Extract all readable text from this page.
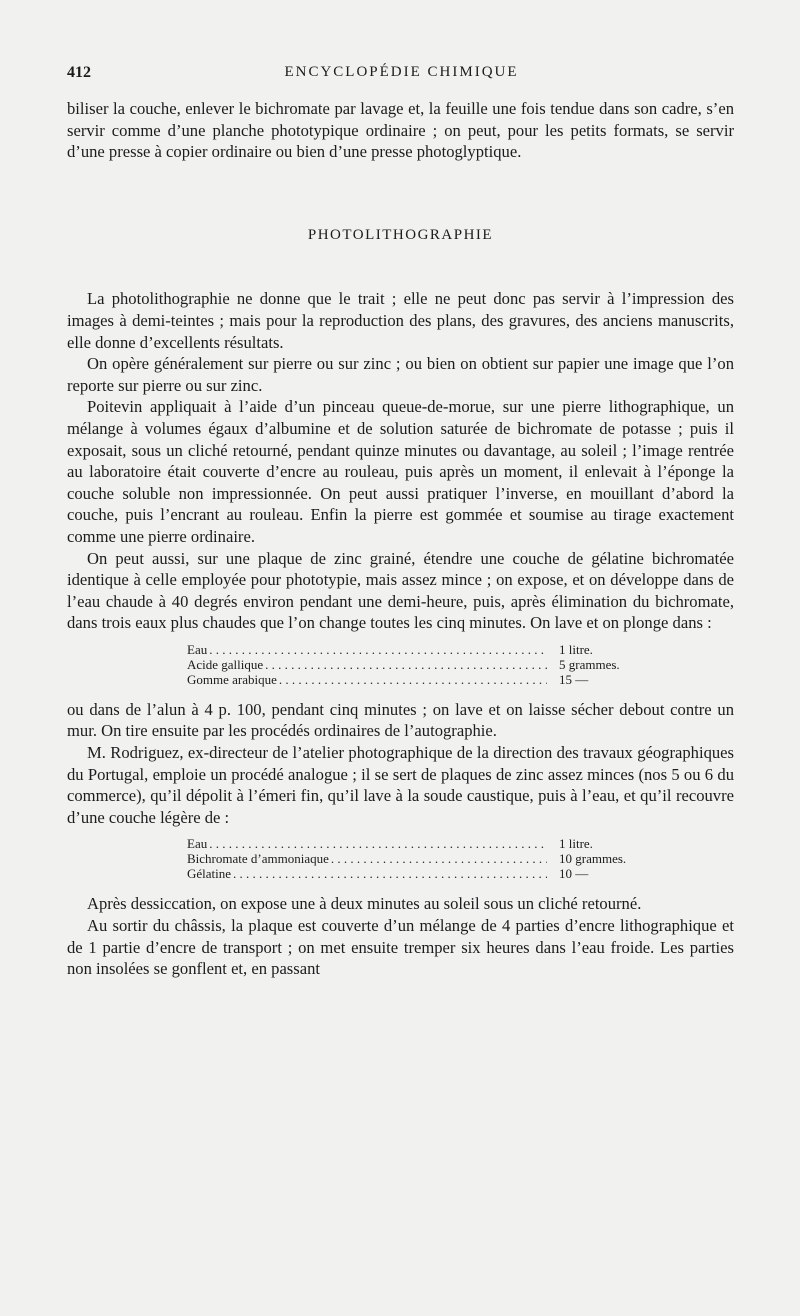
412	ENCYCLOPÉDIE CHIMIQUE

biliser la couche, enlever le bichromate par lavage et, la feuille une fois tendue dans son cadre, s’en servir comme d’une planche phototypique ordinaire ; on peut, pour les petits formats, se servir d’une presse à copier ordinaire ou bien d’une presse photoglyptique.

PHOTOLITHOGRAPHIE

La photolithographie ne donne que le trait ; elle ne peut donc pas servir à l’impression des images à demi-teintes ; mais pour la reproduction des plans, des gravures, des anciens manuscrits, elle donne d’excellents résultats.

On opère généralement sur pierre ou sur zinc ; ou bien on obtient sur papier une image que l’on reporte sur pierre ou sur zinc.

Poitevin appliquait à l’aide d’un pinceau queue-de-morue, sur une pierre lithographique, un mélange à volumes égaux d’albumine et de solution saturée de bichromate de potasse ; puis il exposait, sous un cliché retourné, pendant quinze minutes ou davantage, au soleil ; l’image rentrée au laboratoire était couverte d’encre au rouleau, puis après un moment, il enlevait à l’éponge la couche soluble non impressionnée. On peut aussi pratiquer l’inverse, en mouillant d’abord la couche, puis l’encrant au rouleau. Enfin la pierre est gommée et soumise au tirage exactement comme une pierre ordinaire.

On peut aussi, sur une plaque de zinc grainé, étendre une couche de gélatine bichromatée identique à celle employée pour phototypie, mais assez mince ; on expose, et on développe dans de l’eau chaude à 40 degrés environ pendant une demi-heure, puis, après élimination du bichromate, dans trois eaux plus chaudes que l’on change toutes les cinq minutes. On lave et on plonge dans :

Eau . . .	1 litre.
Acide gallique . . .	5 grammes.
Gomme arabique . . .	15 —

ou dans de l’alun à 4 p. 100, pendant cinq minutes ; on lave et on laisse sécher debout contre un mur. On tire ensuite par les procédés ordinaires de l’autographie.

M. Rodriguez, ex-directeur de l’atelier photographique de la direction des travaux géographiques du Portugal, emploie un procédé analogue ; il se sert de plaques de zinc assez minces (nos 5 ou 6 du commerce), qu’il dépolit à l’émeri fin, qu’il lave à la soude caustique, puis à l’eau, et qu’il recouvre d’une couche légère de :

Eau . . .	1 litre.
Bichromate d’ammoniaque . . .	10 grammes.
Gélatine . . .	10 —

Après dessiccation, on expose une à deux minutes au soleil sous un cliché retourné.

Au sortir du châssis, la plaque est couverte d’un mélange de 4 parties d’encre lithographique et de 1 partie d’encre de transport ; on met ensuite tremper six heures dans l’eau froide. Les parties non insolées se gonflent et, en passant
